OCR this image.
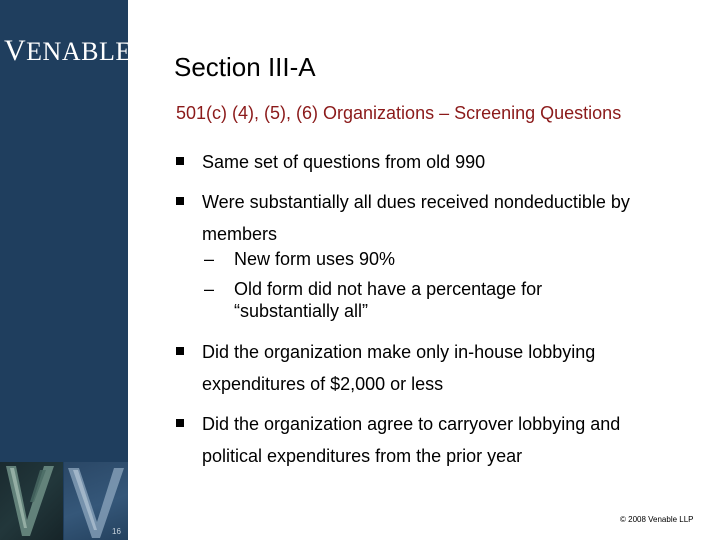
VENABLE®LLP
16
Section III-A
501(c) (4), (5), (6) Organizations – Screening Questions
Same set of questions from old 990
Were substantially all dues received nondeductible by
members
– New form uses 90%
– Old form did not have a percentage for
“substantially all”
Did the organization make only in-house lobbying
expenditures of $2,000 or less
Did the organization agree to carryover lobbying and
political expenditures from the prior year
© 2008 Venable LLP
